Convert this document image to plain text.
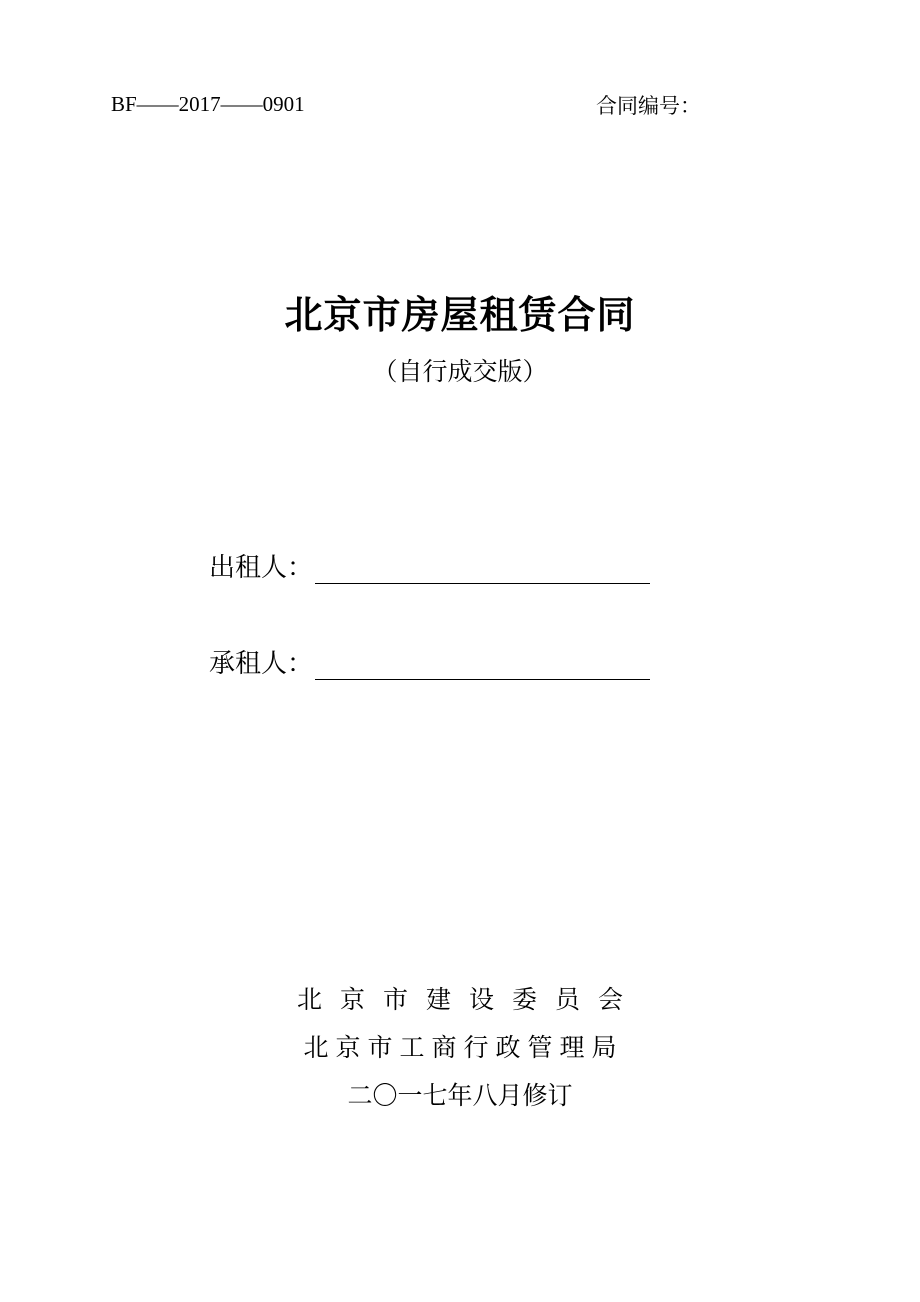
BF——2017——0901	合同编号：
北京市房屋租赁合同
（自行成交版）
出租人：
承租人：
北京市建设委员会
北京市工商行政管理局
二〇一七年八月修订
